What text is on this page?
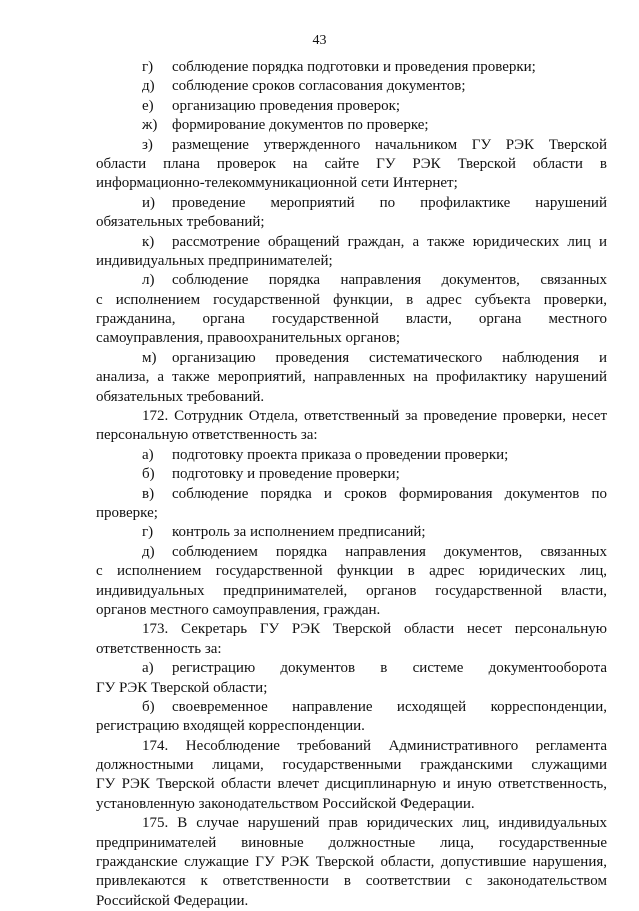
43
г)	соблюдение порядка подготовки и проведения проверки;
д)	соблюдение сроков согласования документов;
е)	организацию проведения проверок;
ж) формирование документов по проверке;
з)	размещение утвержденного начальником ГУ РЭК Тверской
области плана проверок на сайте ГУ РЭК Тверской области в
информационно-телекоммуникационной сети Интернет;
и)	проведение мероприятий по профилактике нарушений
обязательных требований;
к)	рассмотрение обращений граждан, а также юридических лиц и
индивидуальных предпринимателей;
л)	соблюдение порядка направления документов, связанных
с исполнением государственной функции, в адрес субъекта проверки,
гражданина, органа государственной власти, органа местного
самоуправления, правоохранительных органов;
м)	организацию проведения систематического наблюдения и
анализа, а также мероприятий, направленных на профилактику нарушений
обязательных требований.
172. Сотрудник Отдела, ответственный за проведение проверки, несет
персональную ответственность за:
а)	подготовку проекта приказа о проведении проверки;
б)	подготовку и проведение проверки;
в)	соблюдение порядка и сроков формирования документов по
проверке;
г)	контроль за исполнением предписаний;
д)	соблюдением порядка направления документов, связанных
с исполнением государственной функции в адрес юридических лиц,
индивидуальных предпринимателей, органов государственной власти,
органов местного самоуправления, граждан.
173. Секретарь ГУ РЭК Тверской области несет персональную
ответственность за:
а)	регистрацию документов в системе документооборота
ГУ РЭК Тверской области;
б)	своевременное направление исходящей корреспонденции,
регистрацию входящей корреспонденции.
174. Несоблюдение требований Административного регламента
должностными лицами, государственными гражданскими служащими
ГУ РЭК Тверской области влечет дисциплинарную и иную ответственность,
установленную законодательством Российской Федерации.
175. В случае нарушений прав юридических лиц, индивидуальных
предпринимателей виновные должностные лица, государственные
гражданские служащие ГУ РЭК Тверской области, допустившие нарушения,
привлекаются к ответственности в соответствии с законодательством
Российской Федерации.
